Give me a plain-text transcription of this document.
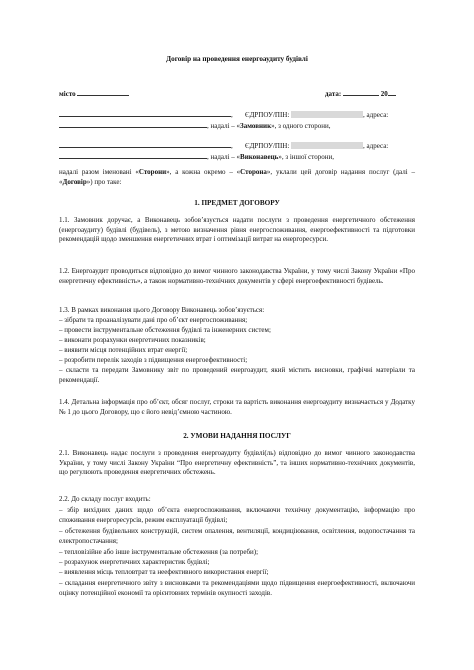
Договір на проведення енергоаудиту будівлі
місто	дата:	20
,       ЄДРПОУ/ПІН:	, адреса:
, надалі – «Замовник», з одного сторони,
,       ЄДРПОУ/ПІН:	, адреса:
, надалі – «Виконавець», з іншої сторони,
надалі разом іменовані «Сторони», а кожна окремо – «Сторона», уклали цей договір надання послуг (далі – «Договір») про таке:
1. ПРЕДМЕТ ДОГОВОРУ
1.1. Замовник доручає, а Виконавець зобов’язується надати послуги з проведення енергетичного обстеження (енергоаудиту) будівлі (будівель), з метою визначення рівня енергоспоживання, енергоефективності та підготовки рекомендацій щодо зменшення енергетичних втрат і оптимізації витрат на енергоресурси.
1.2. Енергоаудит проводиться відповідно до вимог чинного законодавства України, у тому числі Закону України «Про енергетичну ефективність», а також нормативно-технічних документів у сфері енергоефективності будівель.
1.3. В рамках виконання цього Договору Виконавець зобов’язується:
– зібрати та проаналізувати дані про об’єкт енергоспоживання;
– провести інструментальне обстеження будівлі та інженерних систем;
– виконати розрахунки енергетичних показників;
– виявити місця потенційних втрат енергії;
– розробити перелік заходів з підвищення енергоефективності;
– скласти та передати Замовнику звіт по проведений енергоаудит, який містить висновки, графічні матеріали та рекомендації.
1.4. Детальна інформація про об’єкт, обсяг послуг, строки та вартість виконання енергоаудиту визначається у Додатку № 1 до цього Договору, що є його невід’ємною частиною.
2. УМОВИ НАДАННЯ ПОСЛУГ
2.1. Виконавець надає послуги з проведення енергоаудиту будівлі(ль) відповідно до вимог чинного законодавства України, у тому числі Закону України “Про енергетичну ефективність”, та інших нормативно-технічних документів, що регулюють проведення енергетичних обстежень.
2.2. До складу послуг входить:
– збір вихідних даних щодо об’єкта енергоспоживання, включаючи технічну документацію, інформацію про споживання енергоресурсів, режим експлуатації будівлі;
– обстеження будівельних конструкцій, систем опалення, вентиляції, кондиціювання, освітлення, водопостачання та електропостачання;
– тепловізійне або інше інструментальне обстеження (за потреби);
– розрахунок енергетичних характеристик будівлі;
– виявлення місць тепловтрат та неефективного використання енергії;
– складання енергетичного звіту з висновками та рекомендаціями щодо підвищення енергоефективності, включаючи оцінку потенційної економії та орієнтовних термінів окупності заходів.
